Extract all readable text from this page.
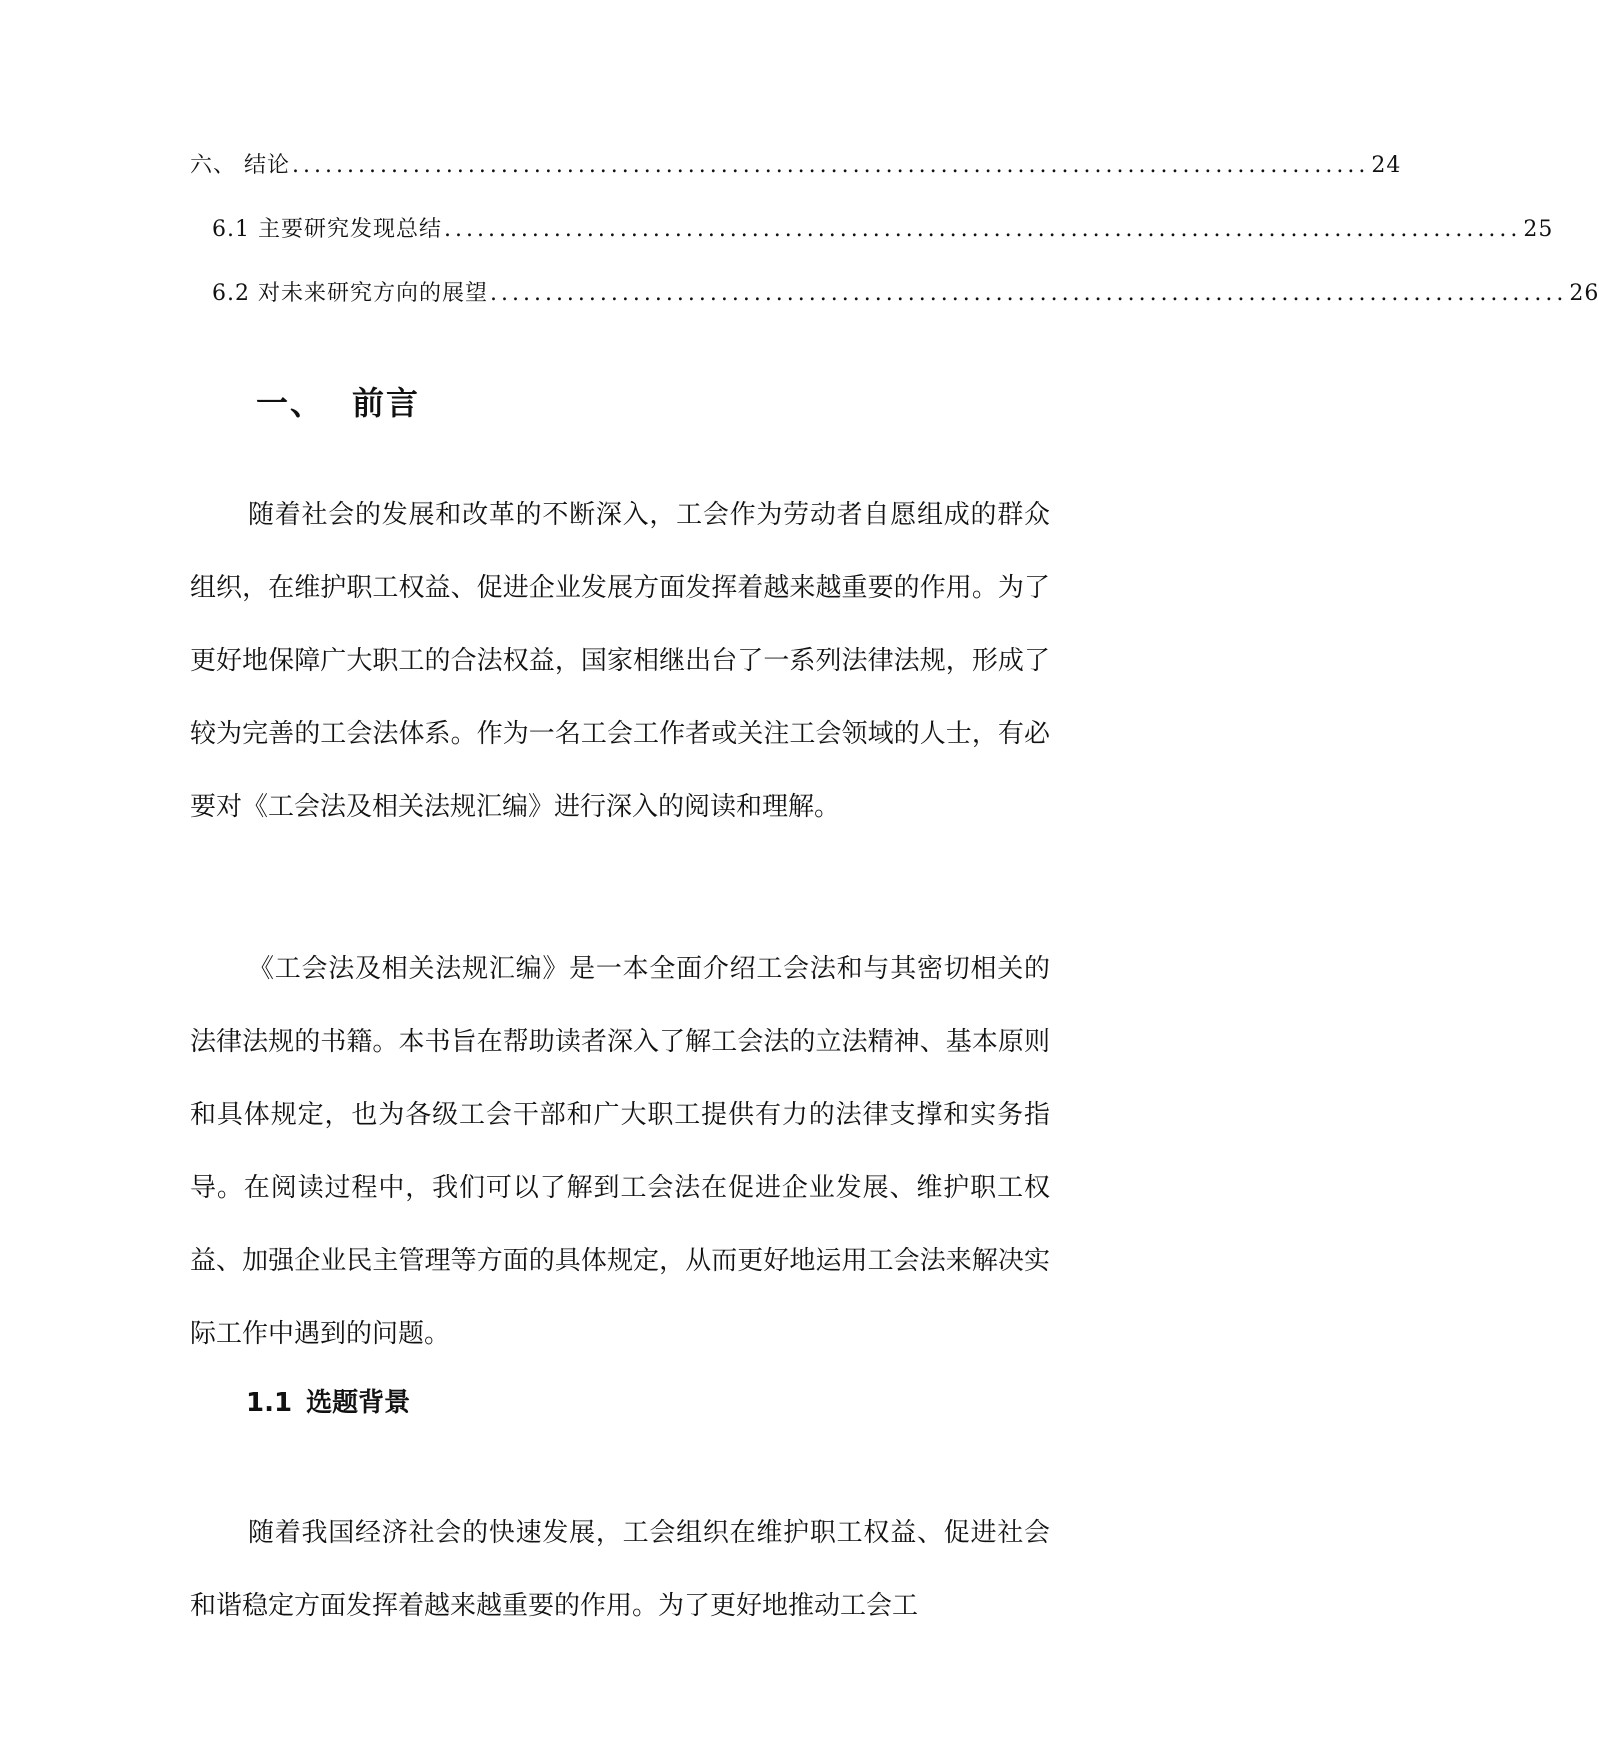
六、 结论 .................................................................................................. 24
6.1 主要研究发现总结 .................................................................................................. 25
6.2 对未来研究方向的展望 .................................................................................................. 26
一、 前言

随着社会的发展和改革的不断深入，工会作为劳动者自愿组成的群众组织，在维护职工权益、促进企业发展方面发挥着越来越重要的作用。为了更好地保障广大职工的合法权益，国家相继出台了一系列法律法规，形成了较为完善的工会法体系。作为一名工会工作者或关注工会领域的人士，有必要对《工会法及相关法规汇编》进行深入的阅读和理解。

《工会法及相关法规汇编》是一本全面介绍工会法和与其密切相关的法律法规的书籍。本书旨在帮助读者深入了解工会法的立法精神、基本原则和具体规定，也为各级工会干部和广大职工提供有力的法律支撑和实务指导。在阅读过程中，我们可以了解到工会法在促进企业发展、维护职工权益、加强企业民主管理等方面的具体规定，从而更好地运用工会法来解决实际工作中遇到的问题。

1.1 选题背景

随着我国经济社会的快速发展，工会组织在维护职工权益、促进社会和谐稳定方面发挥着越来越重要的作用。为了更好地推动工会工
